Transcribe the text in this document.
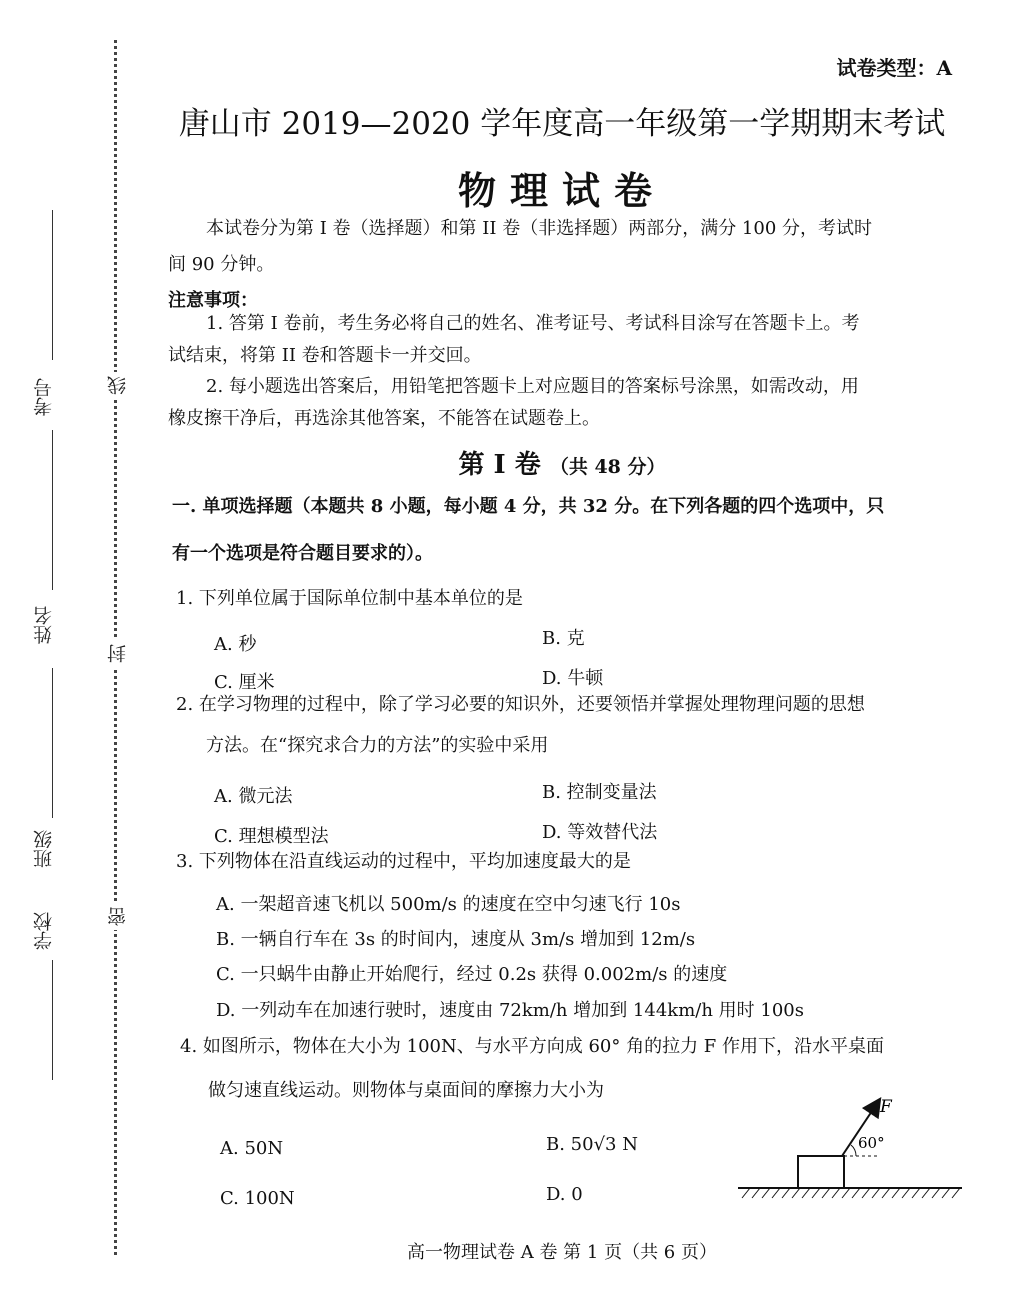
考号
姓名
班级
学校
线
封
密
试卷类型：A
唐山市 2019—2020 学年度高一年级第一学期期末考试
物理试卷
本试卷分为第 I 卷（选择题）和第 II 卷（非选择题）两部分，满分 100 分，考试时
间 90 分钟。
注意事项：
1. 答第 I 卷前，考生务必将自己的姓名、准考证号、考试科目涂写在答题卡上。考
试结束，将第 II 卷和答题卡一并交回。
2. 每小题选出答案后，用铅笔把答题卡上对应题目的答案标号涂黑，如需改动，用
橡皮擦干净后，再选涂其他答案，不能答在试题卷上。
第 I 卷 （共 48 分）
一. 单项选择题（本题共 8 小题，每小题 4 分，共 32 分。在下列各题的四个选项中，只
有一个选项是符合题目要求的）。
1. 下列单位属于国际单位制中基本单位的是
A. 秒	B. 克
C. 厘米	D. 牛顿
2. 在学习物理的过程中，除了学习必要的知识外，还要领悟并掌握处理物理问题的思想
方法。在“探究求合力的方法”的实验中采用
A. 微元法	B. 控制变量法
C. 理想模型法	D. 等效替代法
3. 下列物体在沿直线运动的过程中，平均加速度最大的是
A. 一架超音速飞机以 500m/s 的速度在空中匀速飞行 10s
B. 一辆自行车在 3s 的时间内，速度从 3m/s 增加到 12m/s
C. 一只蜗牛由静止开始爬行，经过 0.2s 获得 0.002m/s 的速度
D. 一列动车在加速行驶时，速度由 72km/h 增加到 144km/h 用时 100s
4. 如图所示，物体在大小为 100N、与水平方向成 60° 角的拉力 F 作用下，沿水平桌面
做匀速直线运动。则物体与桌面间的摩擦力大小为
A. 50N	B. 50√3 N
C. 100N	D. 0
F
60°
高一物理试卷 A 卷 第 1 页（共 6 页）
